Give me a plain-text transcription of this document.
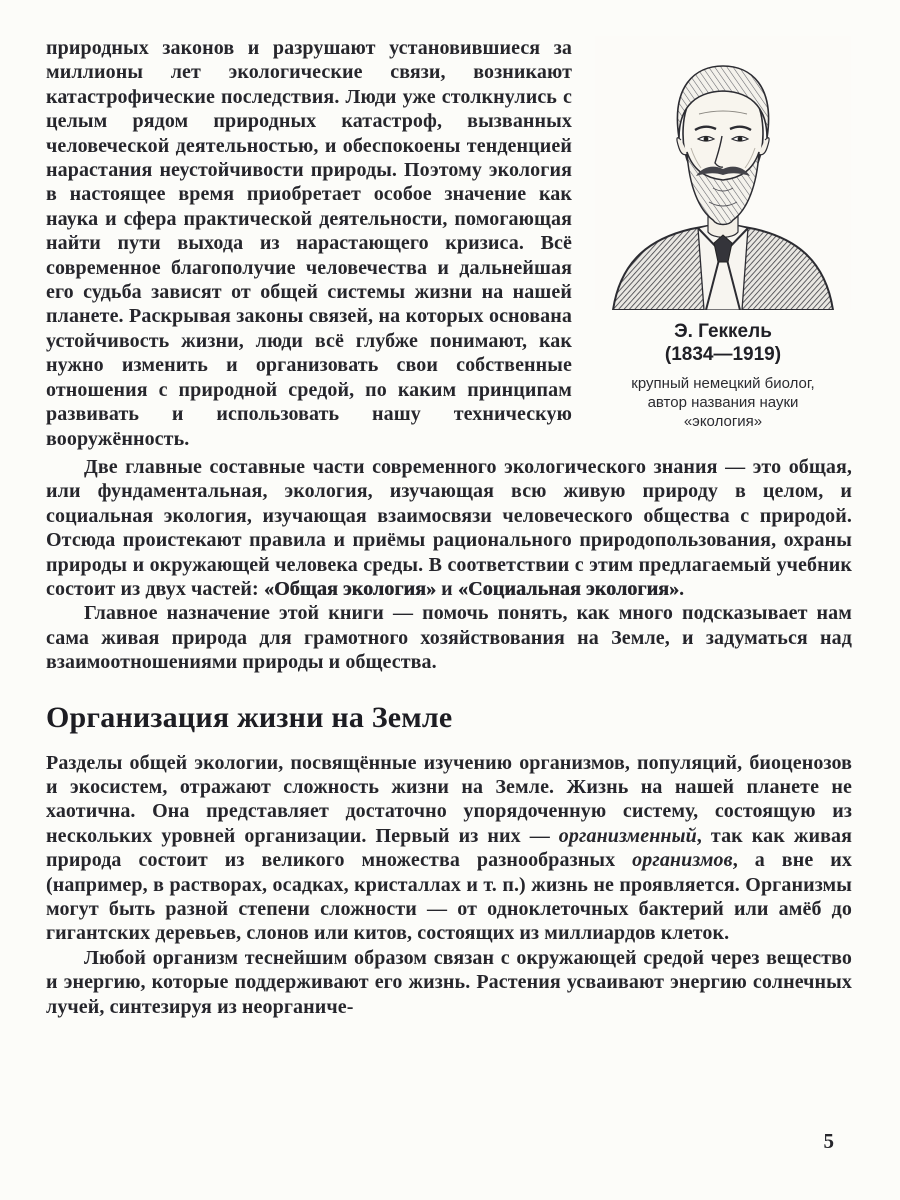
природных законов и разрушают установившиеся за миллионы лет экологические связи, возникают катастрофические последствия. Люди уже столкнулись с целым рядом природных катастроф, вызванных человеческой деятельностью, и обеспокоены тенденцией нарастания неустойчивости природы. Поэтому экология в настоящее время приобретает особое значение как наука и сфера практической деятельности, помогающая найти пути выхода из нарастающего кризиса. Всё современное благополучие человечества и дальнейшая его судьба зависят от общей системы жизни на нашей планете. Раскрывая законы связей, на которых основана устойчивость жизни, люди всё глубже понимают, как нужно изменить и организовать свои собственные отношения с природной средой, по каким принципам развивать и использовать нашу техническую вооружённость.

Э. Геккель
(1834—1919)
крупный немецкий биолог, автор названия науки «экология»

Две главные составные части современного экологического знания — это общая, или фундаментальная, экология, изучающая всю живую природу в целом, и социальная экология, изучающая взаимосвязи человеческого общества с природой. Отсюда проистекают правила и приёмы рационального природопользования, охраны природы и окружающей человека среды. В соответствии с этим предлагаемый учебник состоит из двух частей: «Общая экология» и «Социальная экология».

Главное назначение этой книги — помочь понять, как много подсказывает нам сама живая природа для грамотного хозяйствования на Земле, и задуматься над взаимоотношениями природы и общества.

Организация жизни на Земле

Разделы общей экологии, посвящённые изучению организмов, популяций, биоценозов и экосистем, отражают сложность жизни на Земле. Жизнь на нашей планете не хаотична. Она представляет достаточно упорядоченную систему, состоящую из нескольких уровней организации. Первый из них — организменный, так как живая природа состоит из великого множества разнообразных организмов, а вне их (например, в растворах, осадках, кристаллах и т. п.) жизнь не проявляется. Организмы могут быть разной степени сложности — от одноклеточных бактерий или амёб до гигантских деревьев, слонов или китов, состоящих из миллиардов клеток.

Любой организм теснейшим образом связан с окружающей средой через вещество и энергию, которые поддерживают его жизнь. Растения усваивают энергию солнечных лучей, синтезируя из неорганиче-

5
